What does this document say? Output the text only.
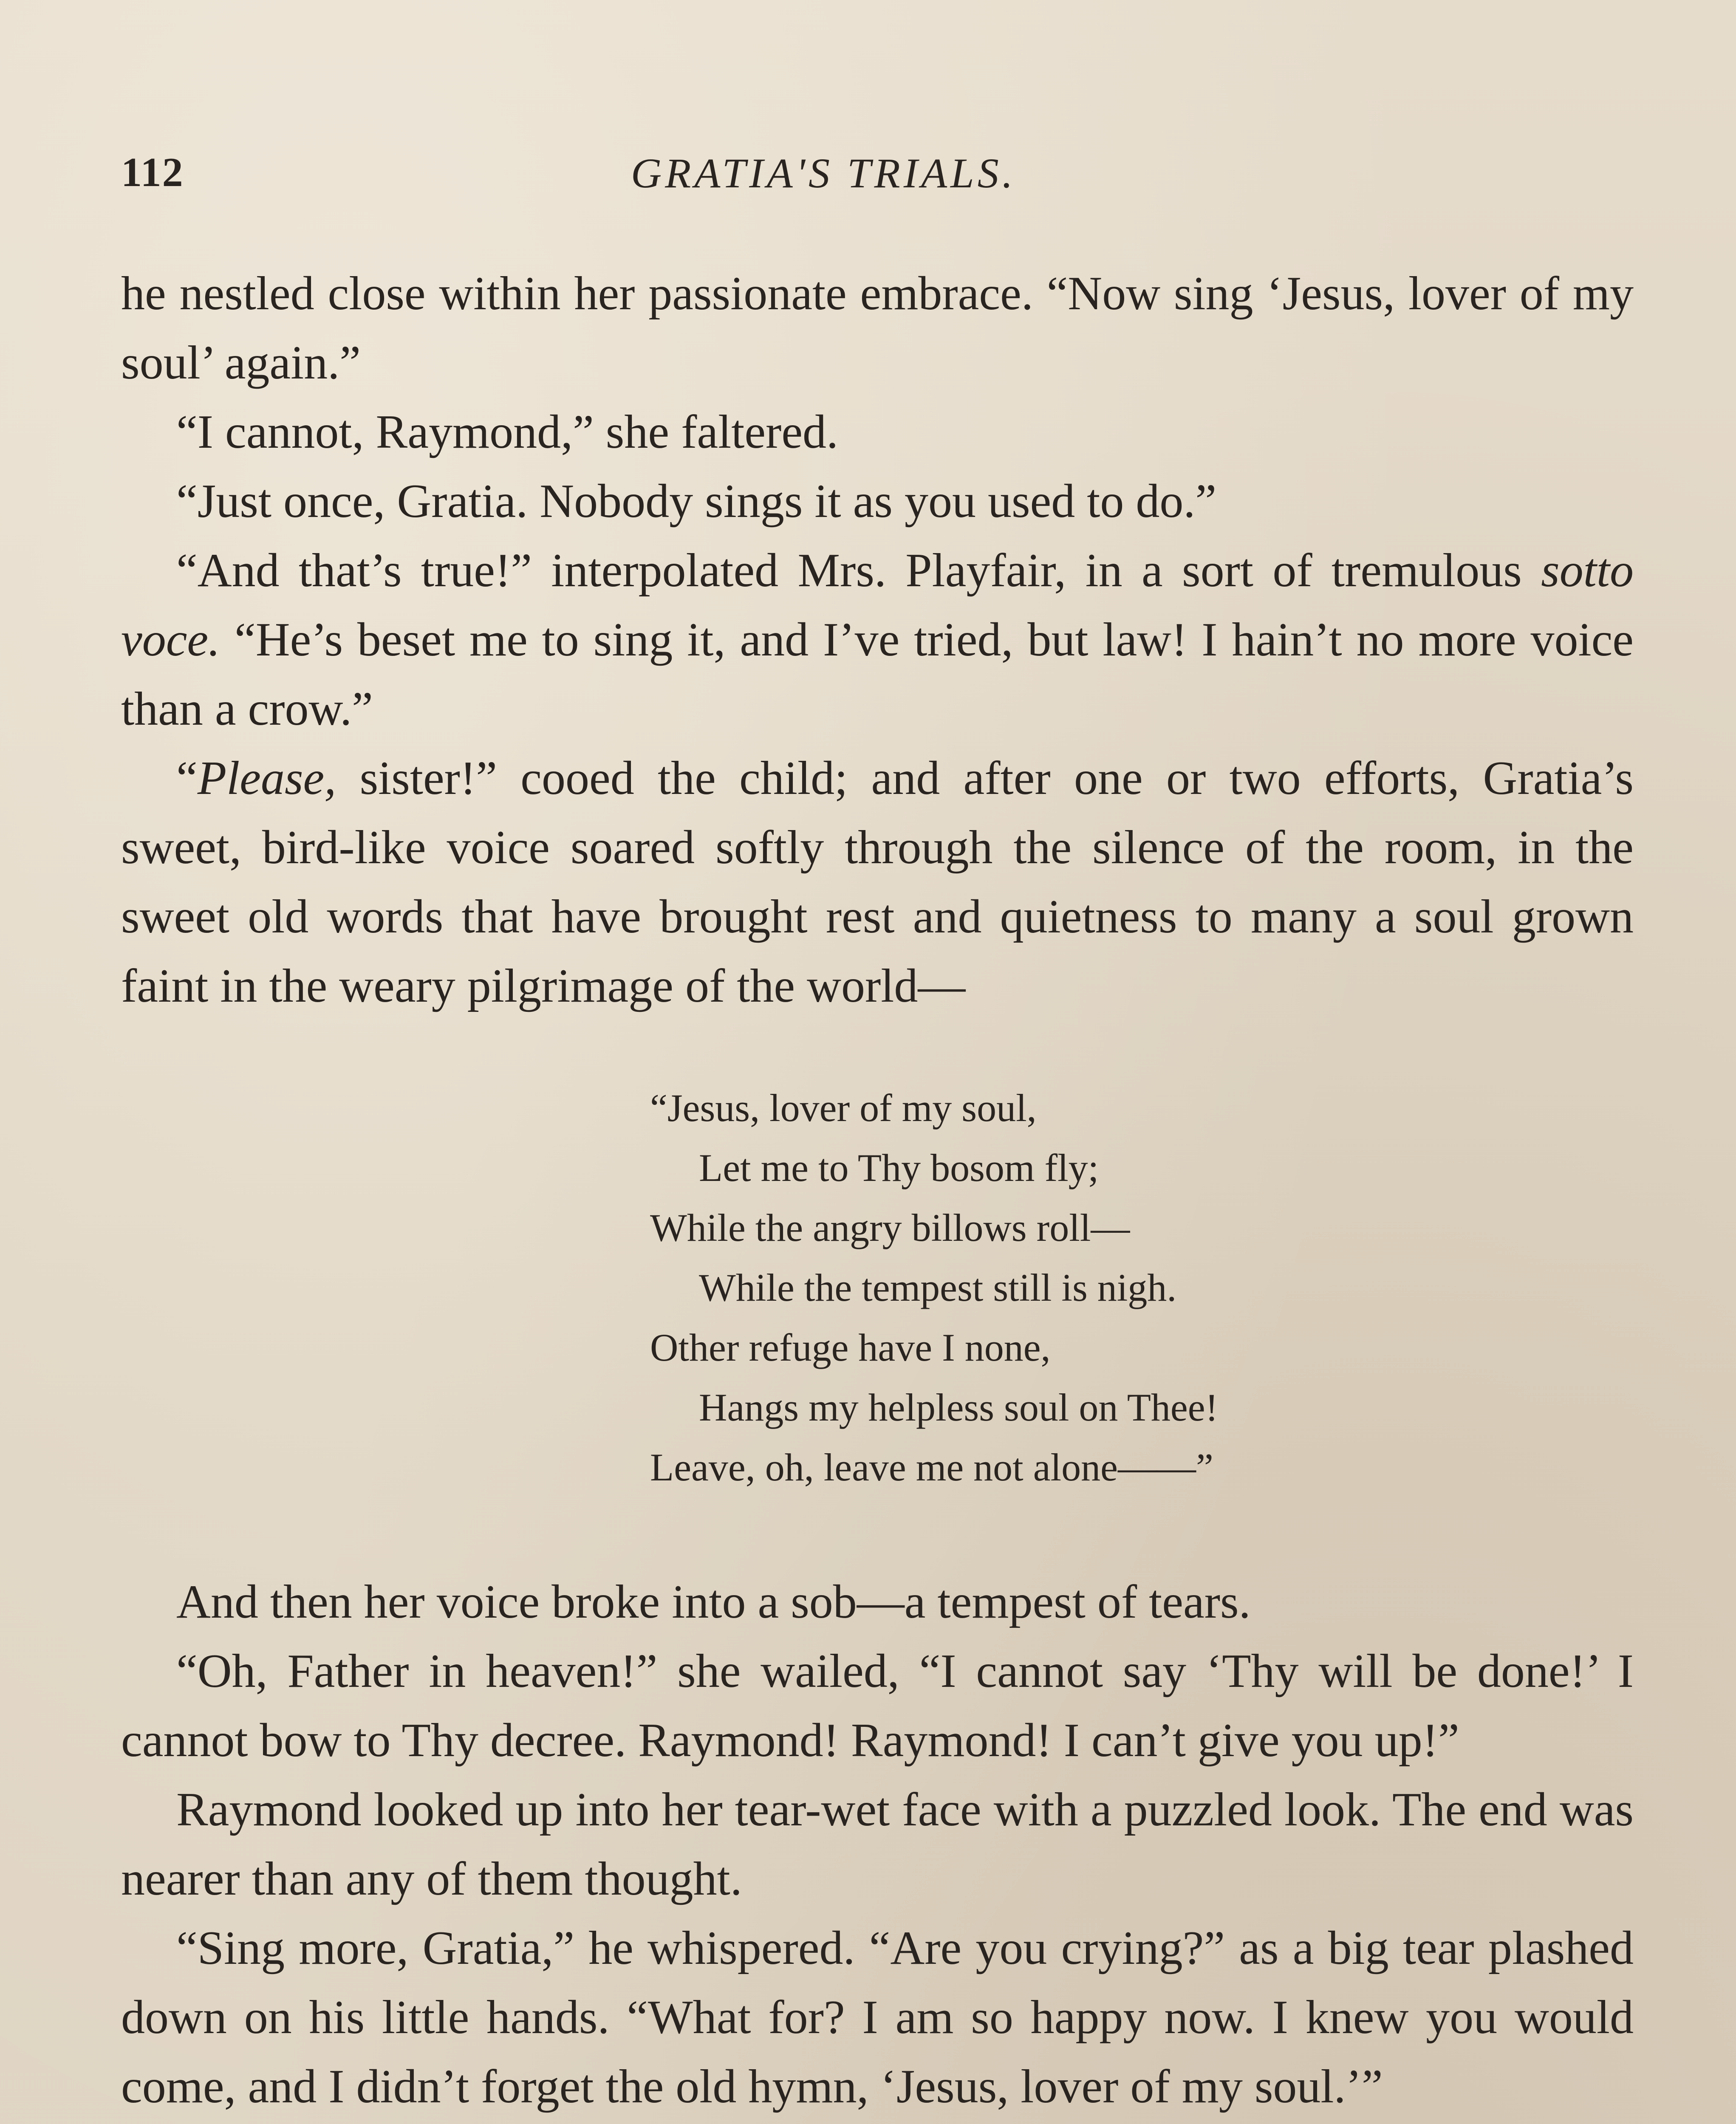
112	GRATIA'S TRIALS.

he nestled close within her passionate embrace. “Now sing ‘Jesus, lover of my soul’ again.”

“I cannot, Raymond,” she faltered.

“Just once, Gratia. Nobody sings it as you used to do.”

“And that’s true!” interpolated Mrs. Playfair, in a sort of tremulous sotto voce. “He’s beset me to sing it, and I’ve tried, but law! I hain’t no more voice than a crow.”

“Please, sister!” cooed the child; and after one or two efforts, Gratia’s sweet, bird-like voice soared softly through the silence of the room, in the sweet old words that have brought rest and quietness to many a soul grown faint in the weary pilgrimage of the world—

“Jesus, lover of my soul,
Let me to Thy bosom fly;
While the angry billows roll—
While the tempest still is nigh.
Other refuge have I none,
Hangs my helpless soul on Thee!
Leave, oh, leave me not alone——”

And then her voice broke into a sob—a tempest of tears.

“Oh, Father in heaven!” she wailed, “I cannot say ‘Thy will be done!’ I cannot bow to Thy decree. Raymond! Raymond! I can’t give you up!”

Raymond looked up into her tear-wet face with a puzzled look. The end was nearer than any of them thought.

“Sing more, Gratia,” he whispered. “Are you crying?” as a big tear plashed down on his little hands. “What for? I am so happy now. I knew you would come, and I didn’t forget the old hymn, ‘Jesus, lover of my soul.’”
